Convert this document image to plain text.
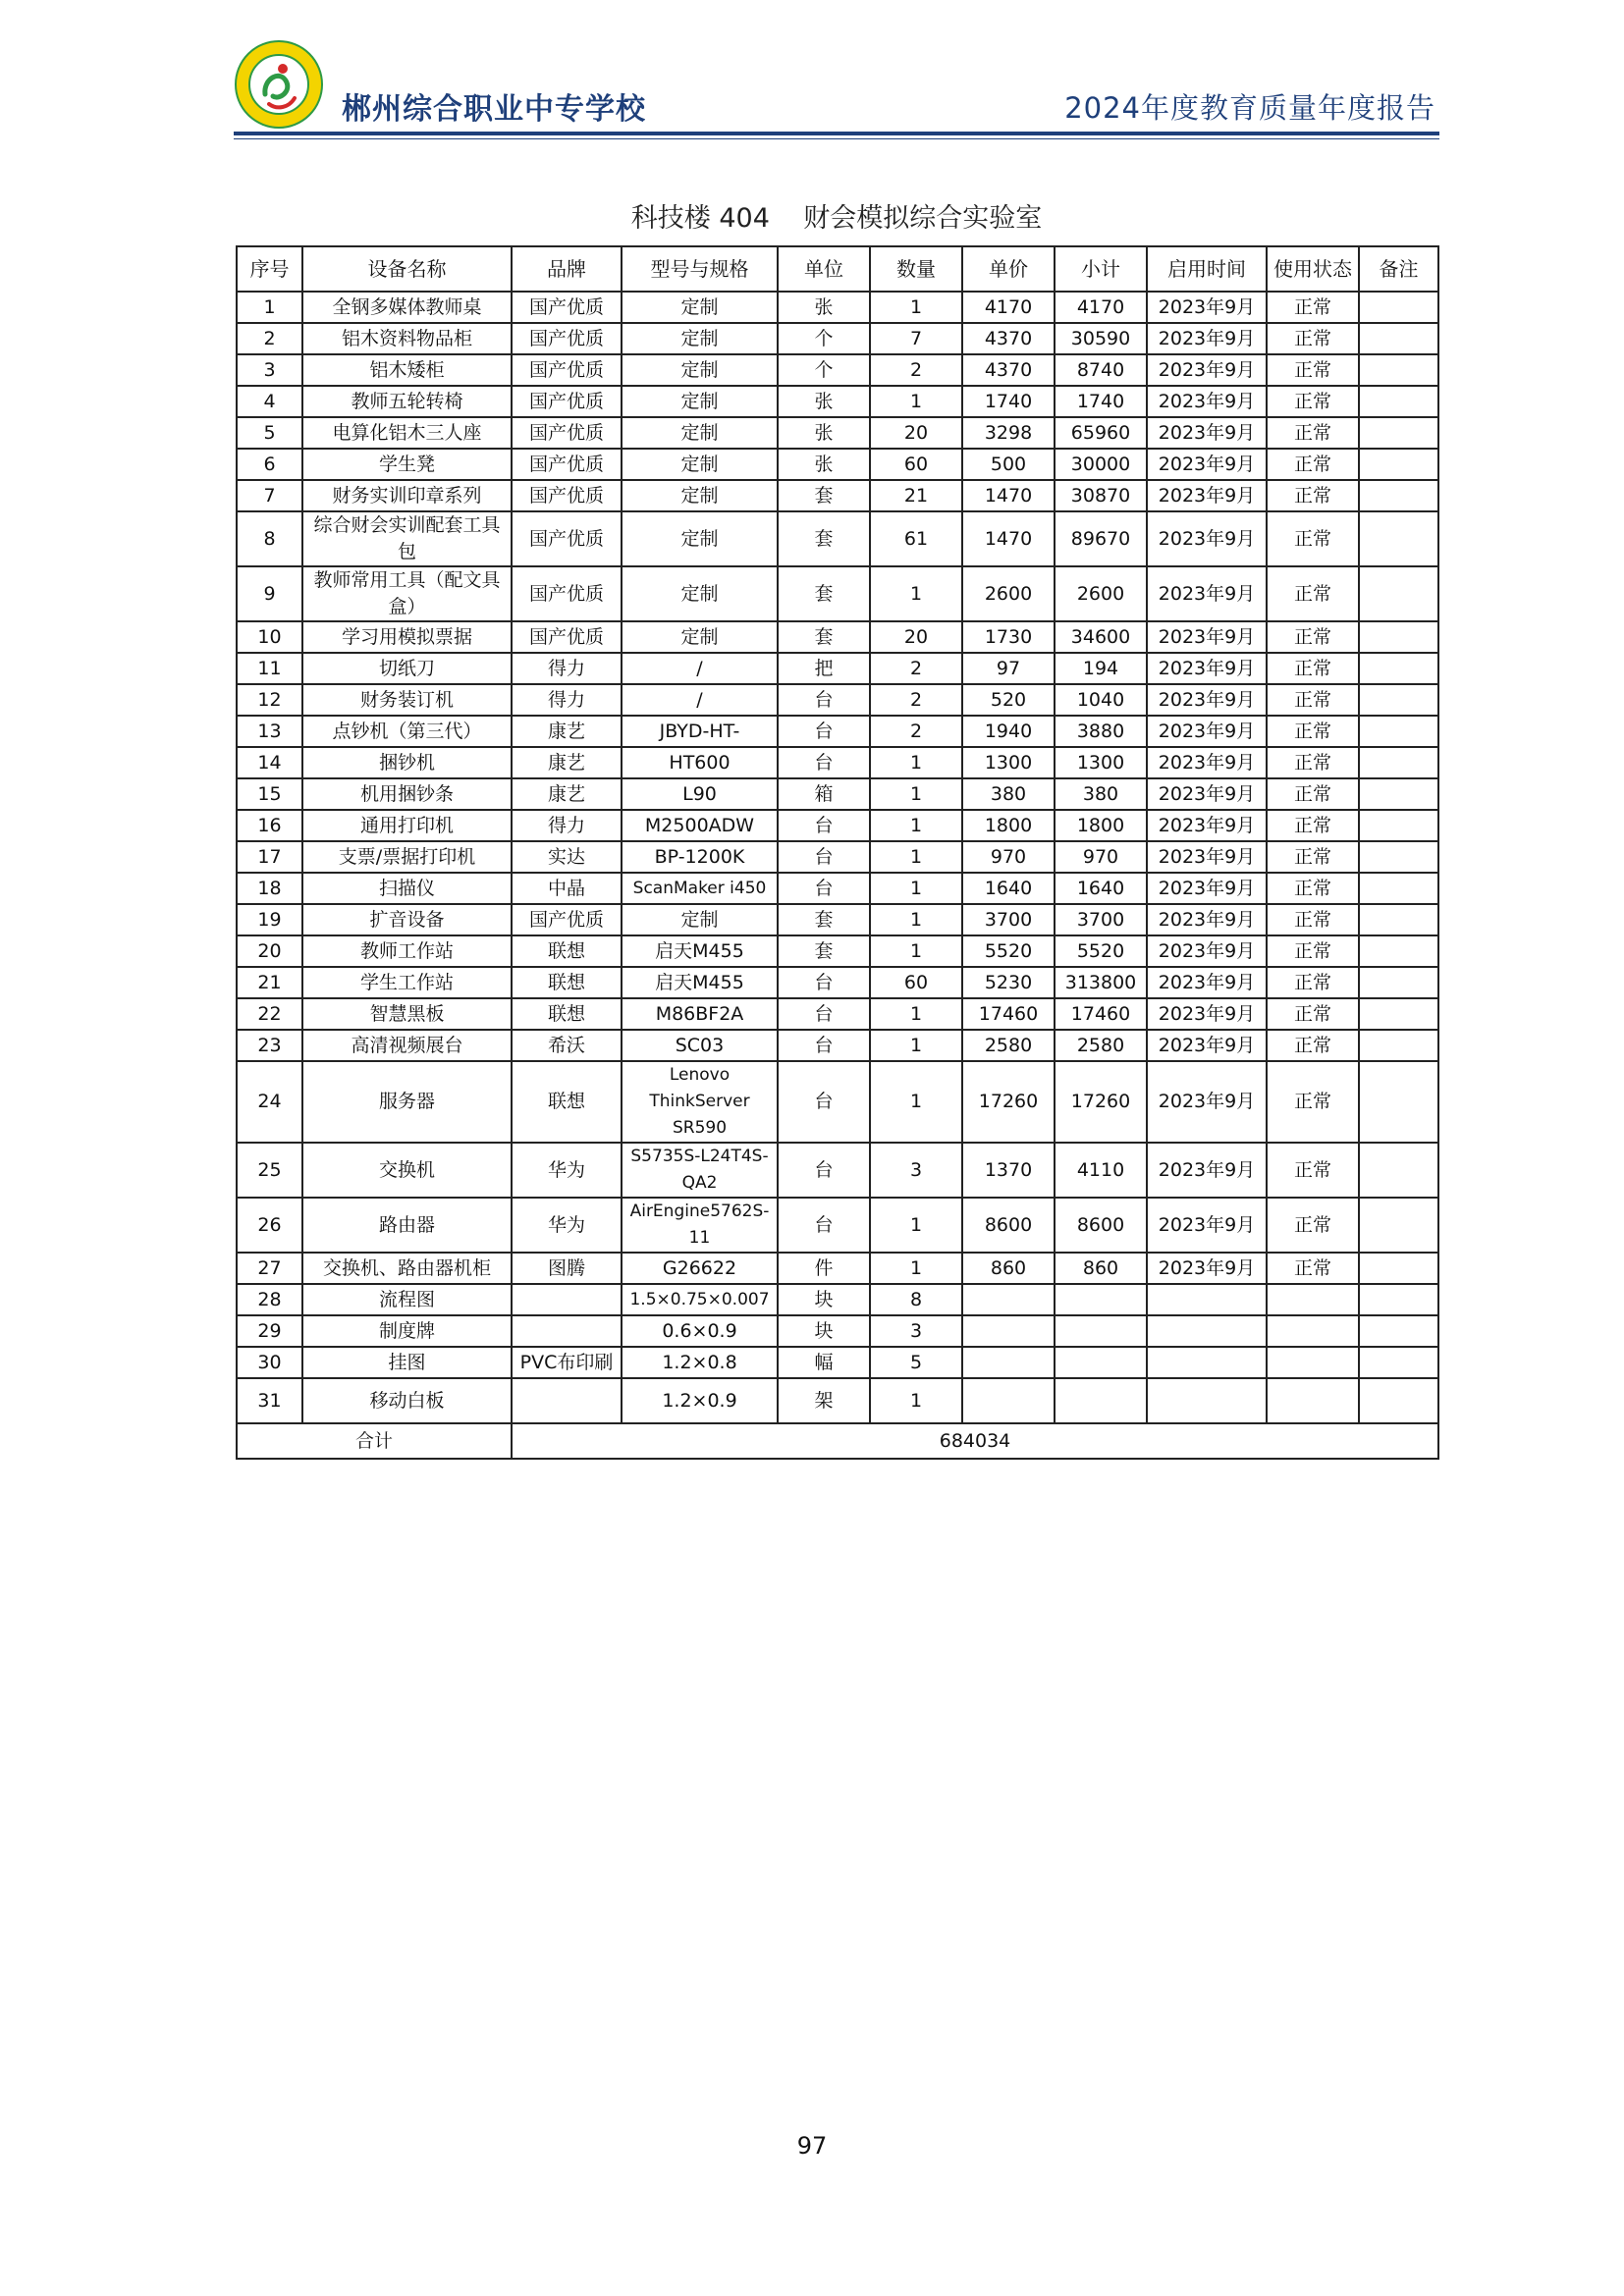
郴州综合职业中专学校	2024年度教育质量年度报告
科技楼 404    财会模拟综合实验室
序号	设备名称	品牌	型号与规格	单位	数量	单价	小计	启用时间	使用状态	备注
1	全钢多媒体教师桌	国产优质	定制	张	1	4170	4170	2023年9月	正常	
2	铝木资料物品柜	国产优质	定制	个	7	4370	30590	2023年9月	正常	
3	铝木矮柜	国产优质	定制	个	2	4370	8740	2023年9月	正常	
4	教师五轮转椅	国产优质	定制	张	1	1740	1740	2023年9月	正常	
5	电算化铝木三人座	国产优质	定制	张	20	3298	65960	2023年9月	正常	
6	学生凳	国产优质	定制	张	60	500	30000	2023年9月	正常	
7	财务实训印章系列	国产优质	定制	套	21	1470	30870	2023年9月	正常	
8	综合财会实训配套工具包	国产优质	定制	套	61	1470	89670	2023年9月	正常	
9	教师常用工具（配文具盒）	国产优质	定制	套	1	2600	2600	2023年9月	正常	
10	学习用模拟票据	国产优质	定制	套	20	1730	34600	2023年9月	正常	
11	切纸刀	得力	/	把	2	97	194	2023年9月	正常	
12	财务装订机	得力	/	台	2	520	1040	2023年9月	正常	
13	点钞机（第三代）	康艺	JBYD-HT-	台	2	1940	3880	2023年9月	正常	
14	捆钞机	康艺	HT600	台	1	1300	1300	2023年9月	正常	
15	机用捆钞条	康艺	L90	箱	1	380	380	2023年9月	正常	
16	通用打印机	得力	M2500ADW	台	1	1800	1800	2023年9月	正常	
17	支票/票据打印机	实达	BP-1200K	台	1	970	970	2023年9月	正常	
18	扫描仪	中晶	ScanMaker i450	台	1	1640	1640	2023年9月	正常	
19	扩音设备	国产优质	定制	套	1	3700	3700	2023年9月	正常	
20	教师工作站	联想	启天M455	套	1	5520	5520	2023年9月	正常	
21	学生工作站	联想	启天M455	台	60	5230	313800	2023年9月	正常	
22	智慧黑板	联想	M86BF2A	台	1	17460	17460	2023年9月	正常	
23	高清视频展台	希沃	SC03	台	1	2580	2580	2023年9月	正常	
24	服务器	联想	Lenovo ThinkServer SR590	台	1	17260	17260	2023年9月	正常	
25	交换机	华为	S5735S-L24T4S-QA2	台	3	1370	4110	2023年9月	正常	
26	路由器	华为	AirEngine5762S-11	台	1	8600	8600	2023年9月	正常	
27	交换机、路由器机柜	图腾	G26622	件	1	860	860	2023年9月	正常	
28	流程图		1.5×0.75×0.007	块	8					
29	制度牌		0.6×0.9	块	3					
30	挂图	PVC布印刷	1.2×0.8	幅	5					
31	移动白板		1.2×0.9	架	1					
合计		684034								
97
